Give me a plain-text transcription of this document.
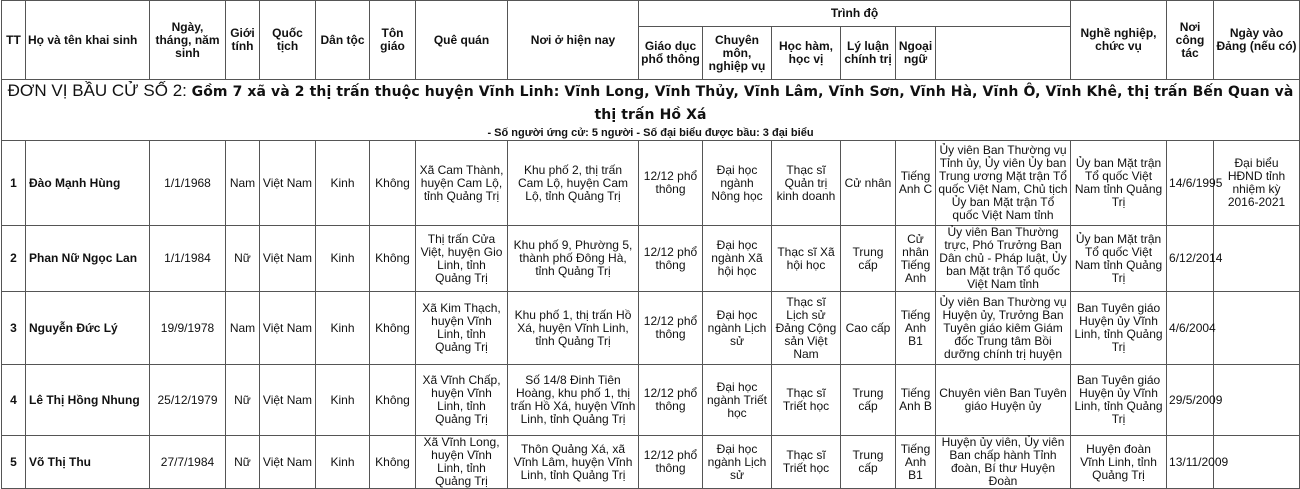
TT	Họ và tên khai sinh	Ngày, tháng, năm sinh	Giới tính	Quốc tịch	Dân tộc	Tôn giáo	Quê quán	Nơi ở hiện nay	Trình độ						Nghề nghiệp, chức vụ	Nơi công tác	Ngày vào Đảng (nếu có)	
									Giáo dục phổ thông	Chuyên môn, nghiệp vụ	Học hàm, học vị	Lý luận chính trị	Ngoại ngữ					
ĐƠN VỊ BẦU CỬ SỐ 2: Gồm 7 xã và 2 thị trấn thuộc huyện Vĩnh Linh: Vĩnh Long, Vĩnh Thủy, Vĩnh Lâm, Vĩnh Sơn, Vĩnh Hà, Vĩnh Ô, Vĩnh Khê, thị trấn Bến Quan và thị trấn Hồ Xá																		
- Số người ứng cử: 5 người - Số đại biểu được bầu: 3 đại biểu																		
1	Đào Mạnh Hùng	1/1/1968	Nam	Việt Nam	Kinh	Không	Xã Cam Thành, huyện Cam Lộ, tỉnh Quảng Trị	Khu phố 2, thị trấn Cam Lộ, huyện Cam Lộ, tỉnh Quảng Trị	12/12 phổ thông	Đại học ngành Nông học	Thạc sĩ Quản trị kinh doanh	Cử nhân	Tiếng Anh C	Ủy viên Ban Thường vụ Tỉnh ủy, Ủy viên Ủy ban Trung ương Mặt trận Tổ quốc Việt Nam, Chủ tịch Ủy ban Mặt trận Tổ quốc Việt Nam tỉnh	Ủy ban Mặt trận Tổ quốc Việt Nam tỉnh Quảng Trị	14/6/1995	Đại biểu HĐND tỉnh nhiệm kỳ 2016-2021	
2	Phan Nữ Ngọc Lan	1/1/1984	Nữ	Việt Nam	Kinh	Không	Thị trấn Cửa Việt, huyện Gio Linh, tỉnh Quảng Trị	Khu phố 9, Phường 5, thành phố Đông Hà, tỉnh Quảng Trị	12/12 phổ thông	Đại học ngành Xã hội học	Thạc sĩ Xã hội học	Trung cấp	Cử nhân Tiếng Anh	Ủy viên Ban Thường trực, Phó Trưởng Ban Dân chủ - Pháp luật, Ủy ban Mặt trận Tổ quốc Việt Nam tỉnh	Ủy ban Mặt trận Tổ quốc Việt Nam tỉnh Quảng Trị	6/12/2014		
3	Nguyễn Đức Lý	19/9/1978	Nam	Việt Nam	Kinh	Không	Xã Kim Thạch, huyện Vĩnh Linh, tỉnh Quảng Trị	Khu phố 1, thị trấn Hồ Xá, huyện Vĩnh Linh, tỉnh Quảng Trị	12/12 phổ thông	Đại học ngành Lịch sử	Thạc sĩ Lịch sử Đảng Cộng sản Việt Nam	Cao cấp	Tiếng Anh B1	Ủy viên Ban Thường vụ Huyện ủy, Trưởng Ban Tuyên giáo kiêm Giám đốc Trung tâm Bồi dưỡng chính trị huyện	Ban Tuyên giáo Huyện ủy Vĩnh Linh, tỉnh Quảng Trị	4/6/2004		
4	Lê Thị Hồng Nhung	25/12/1979	Nữ	Việt Nam	Kinh	Không	Xã Vĩnh Chấp, huyện Vĩnh Linh, tỉnh Quảng Trị	Số 14/8 Đinh Tiên Hoàng, khu phố 1, thị trấn Hồ Xá, huyện Vĩnh Linh, tỉnh Quảng Trị	12/12 phổ thông	Đại học ngành Triết học	Thạc sĩ Triết học	Trung cấp	Tiếng Anh B	Chuyên viên Ban Tuyên giáo Huyện ủy	Ban Tuyên giáo Huyện ủy Vĩnh Linh, tỉnh Quảng Trị	29/5/2009		
5	Võ Thị Thu	27/7/1984	Nữ	Việt Nam	Kinh	Không	Xã Vĩnh Long, huyện Vĩnh Linh, tỉnh Quảng Trị	Thôn Quảng Xá, xã Vĩnh Lâm, huyện Vĩnh Linh, tỉnh Quảng Trị	12/12 phổ thông	Đại học ngành Lịch sử	Thạc sĩ Triết học	Trung cấp	Tiếng Anh B1	Huyện ủy viên, Ủy viên Ban chấp hành Tỉnh đoàn, Bí thư Huyện Đoàn	Huyện đoàn Vĩnh Linh, tỉnh Quảng Trị	13/11/2009		
